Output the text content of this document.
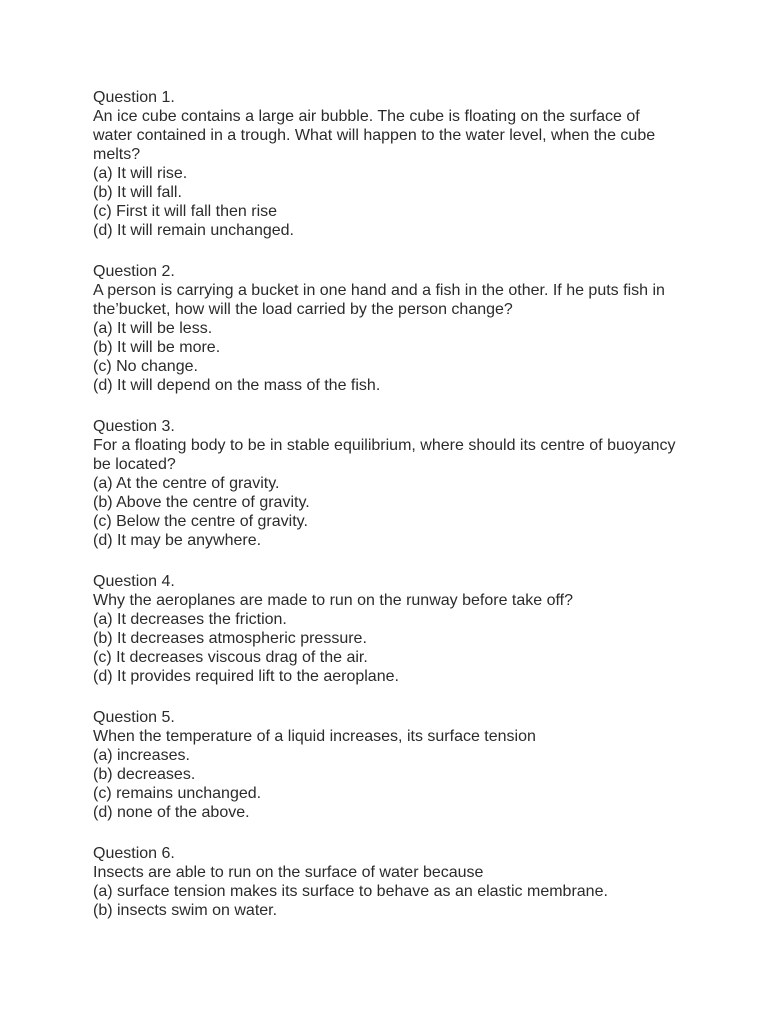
Question 1.
An ice cube contains a large air bubble. The cube is floating on the surface of water contained in a trough. What will happen to the water level, when the cube melts?
(a) It will rise.
(b) It will fall.
(c) First it will fall then rise
(d) It will remain unchanged.
Question 2.
A person is carrying a bucket in one hand and a fish in the other. If he puts fish in the’bucket, how will the load carried by the person change?
(a) It will be less.
(b) It will be more.
(c) No change.
(d) It will depend on the mass of the fish.
Question 3.
For a floating body to be in stable equilibrium, where should its centre of buoyancy be located?
(a) At the centre of gravity.
(b) Above the centre of gravity.
(c) Below the centre of gravity.
(d) It may be anywhere.
Question 4.
Why the aeroplanes are made to run on the runway before take off?
(a) It decreases the friction.
(b) It decreases atmospheric pressure.
(c) It decreases viscous drag of the air.
(d) It provides required lift to the aeroplane.
Question 5.
When the temperature of a liquid increases, its surface tension
(a) increases.
(b) decreases.
(c) remains unchanged.
(d) none of the above.
Question 6.
Insects are able to run on the surface of water because
(a) surface tension makes its surface to behave as an elastic membrane.
(b) insects swim on water.
